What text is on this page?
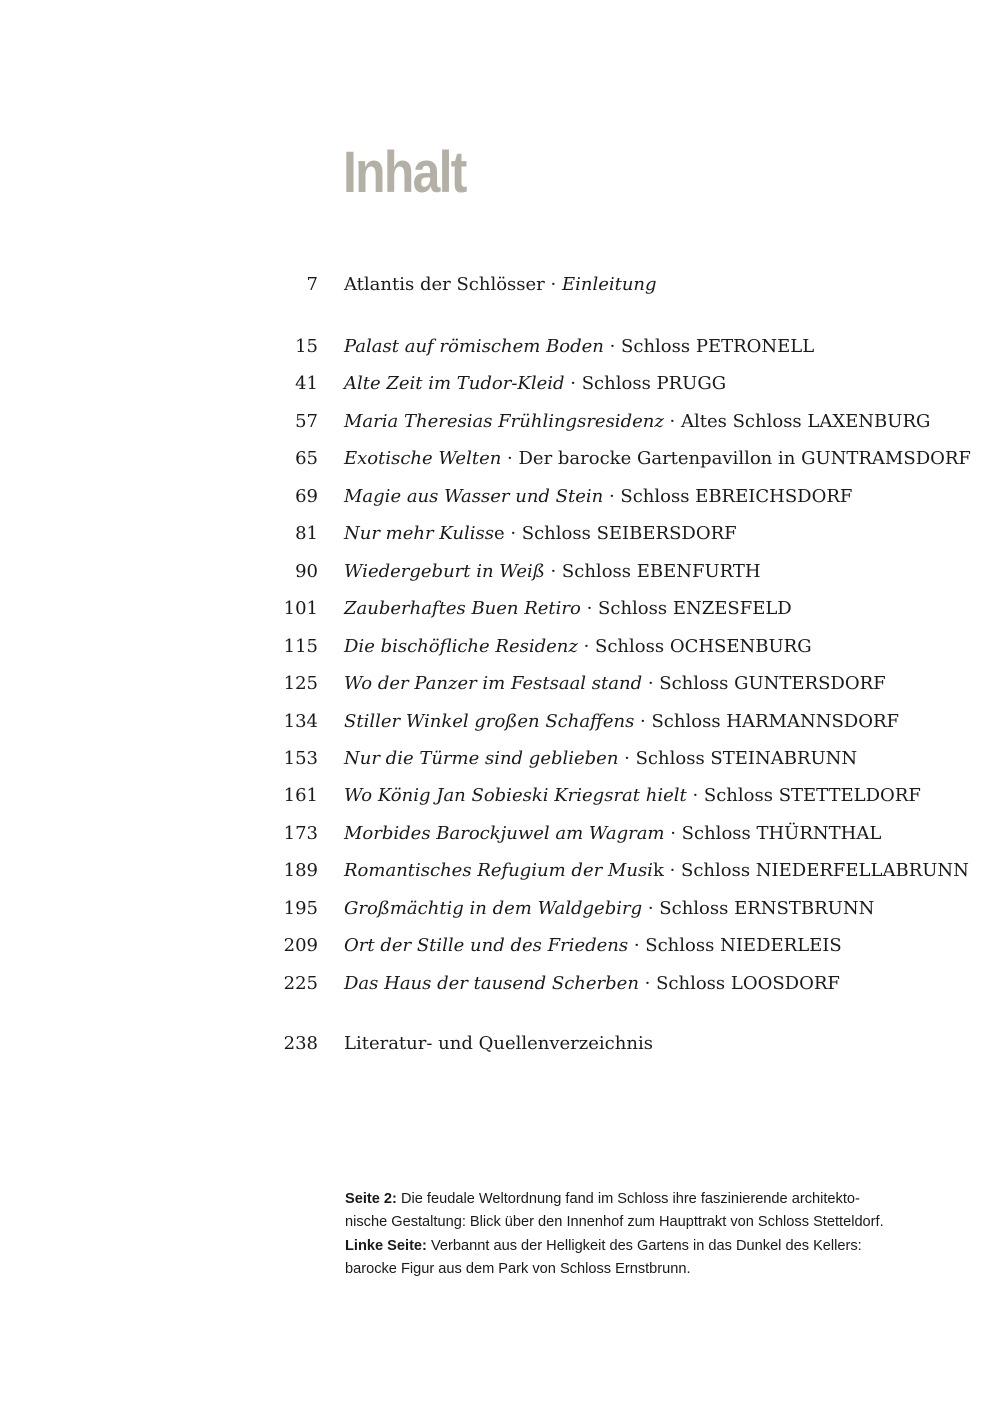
Inhalt
7 Atlantis der Schlösser · Einleitung
15 Palast auf römischem Boden · Schloss PETRONELL
41 Alte Zeit im Tudor-Kleid · Schloss PRUGG
57 Maria Theresias Frühlingsresidenz · Altes Schloss LAXENBURG
65 Exotische Welten · Der barocke Gartenpavillon in GUNTRAMSDORF
69 Magie aus Wasser und Stein · Schloss EBREICHSDORF
81 Nur mehr Kulisse · Schloss SEIBERSDORF
90 Wiedergeburt in Weiß · Schloss EBENFURTH
101 Zauberhaftes Buen Retiro · Schloss ENZESFELD
115 Die bischöfliche Residenz · Schloss OCHSENBURG
125 Wo der Panzer im Festsaal stand · Schloss GUNTERSDORF
134 Stiller Winkel großen Schaffens · Schloss HARMANNSDORF
153 Nur die Türme sind geblieben · Schloss STEINABRUNN
161 Wo König Jan Sobieski Kriegsrat hielt · Schloss STETTELDORF
173 Morbides Barockjuwel am Wagram · Schloss THÜRNTHAL
189 Romantisches Refugium der Musik · Schloss NIEDERFELLABRUNN
195 Großmächtig in dem Waldgebirg · Schloss ERNSTBRUNN
209 Ort der Stille und des Friedens · Schloss NIEDERLEIS
225 Das Haus der tausend Scherben · Schloss LOOSDORF
238 Literatur- und Quellenverzeichnis

Seite 2: Die feudale Weltordnung fand im Schloss ihre faszinierende architekto-
nische Gestaltung: Blick über den Innenhof zum Haupttrakt von Schloss Stetteldorf.

Linke Seite: Verbannt aus der Helligkeit des Gartens in das Dunkel des Kellers:
barocke Figur aus dem Park von Schloss Ernstbrunn.
